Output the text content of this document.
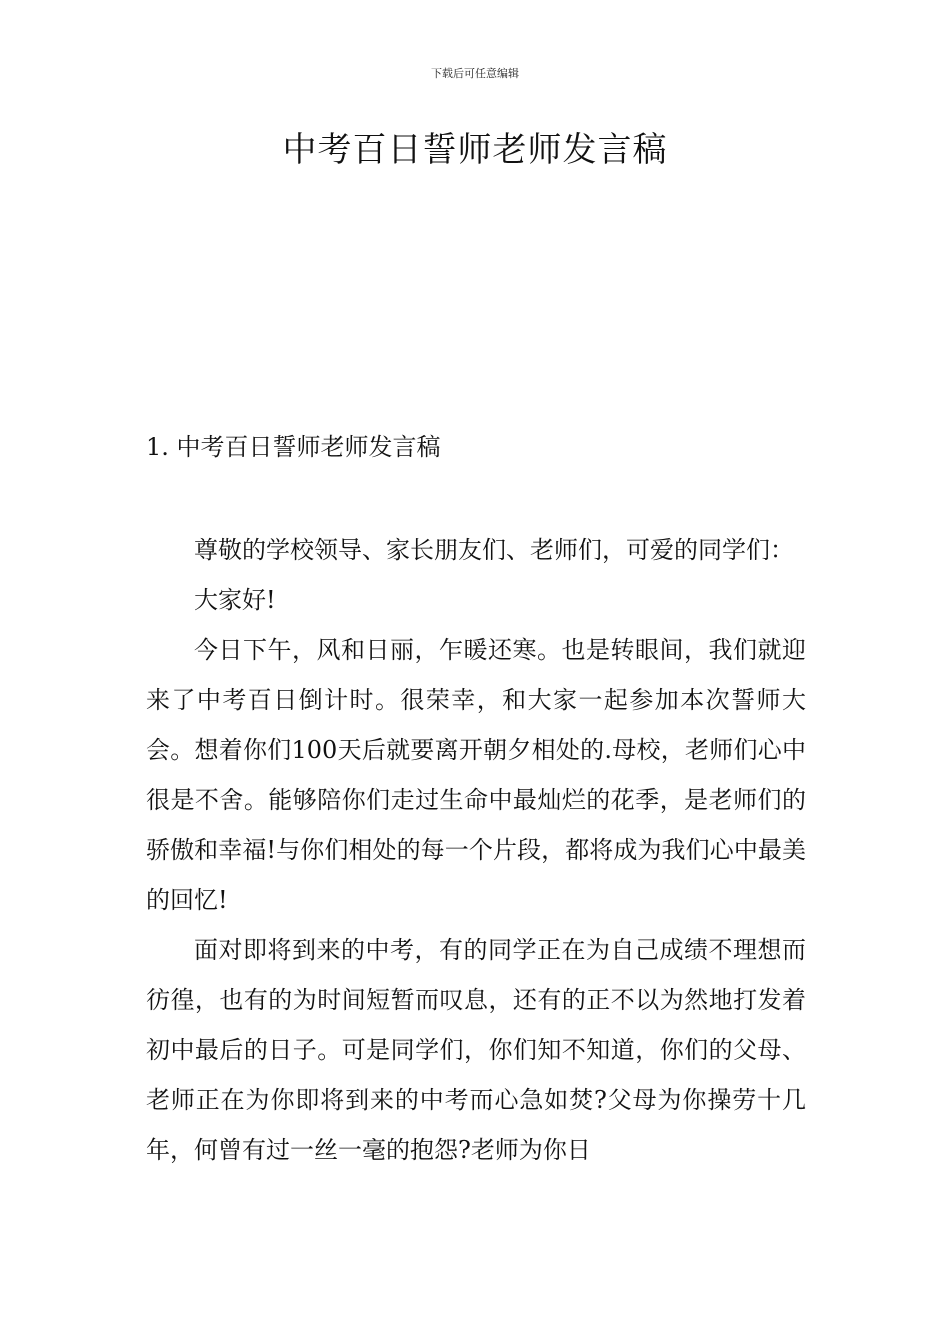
下载后可任意编辑
中考百日誓师老师发言稿
1. 中考百日誓师老师发言稿

尊敬的学校领导、家长朋友们、老师们，可爱的同学们：

大家好!

今日下午，风和日丽，乍暖还寒。也是转眼间，我们就迎来了中考百日倒计时。很荣幸，和大家一起参加本次誓师大会。想着你们100天后就要离开朝夕相处的.母校，老师们心中很是不舍。能够陪你们走过生命中最灿烂的花季，是老师们的骄傲和幸福!与你们相处的每一个片段，都将成为我们心中最美的回忆!

面对即将到来的中考，有的同学正在为自己成绩不理想而彷徨，也有的为时间短暂而叹息，还有的正不以为然地打发着初中最后的日子。可是同学们，你们知不知道，你们的父母、老师正在为你即将到来的中考而心急如焚?父母为你操劳十几年，何曾有过一丝一毫的抱怨?老师为你日
